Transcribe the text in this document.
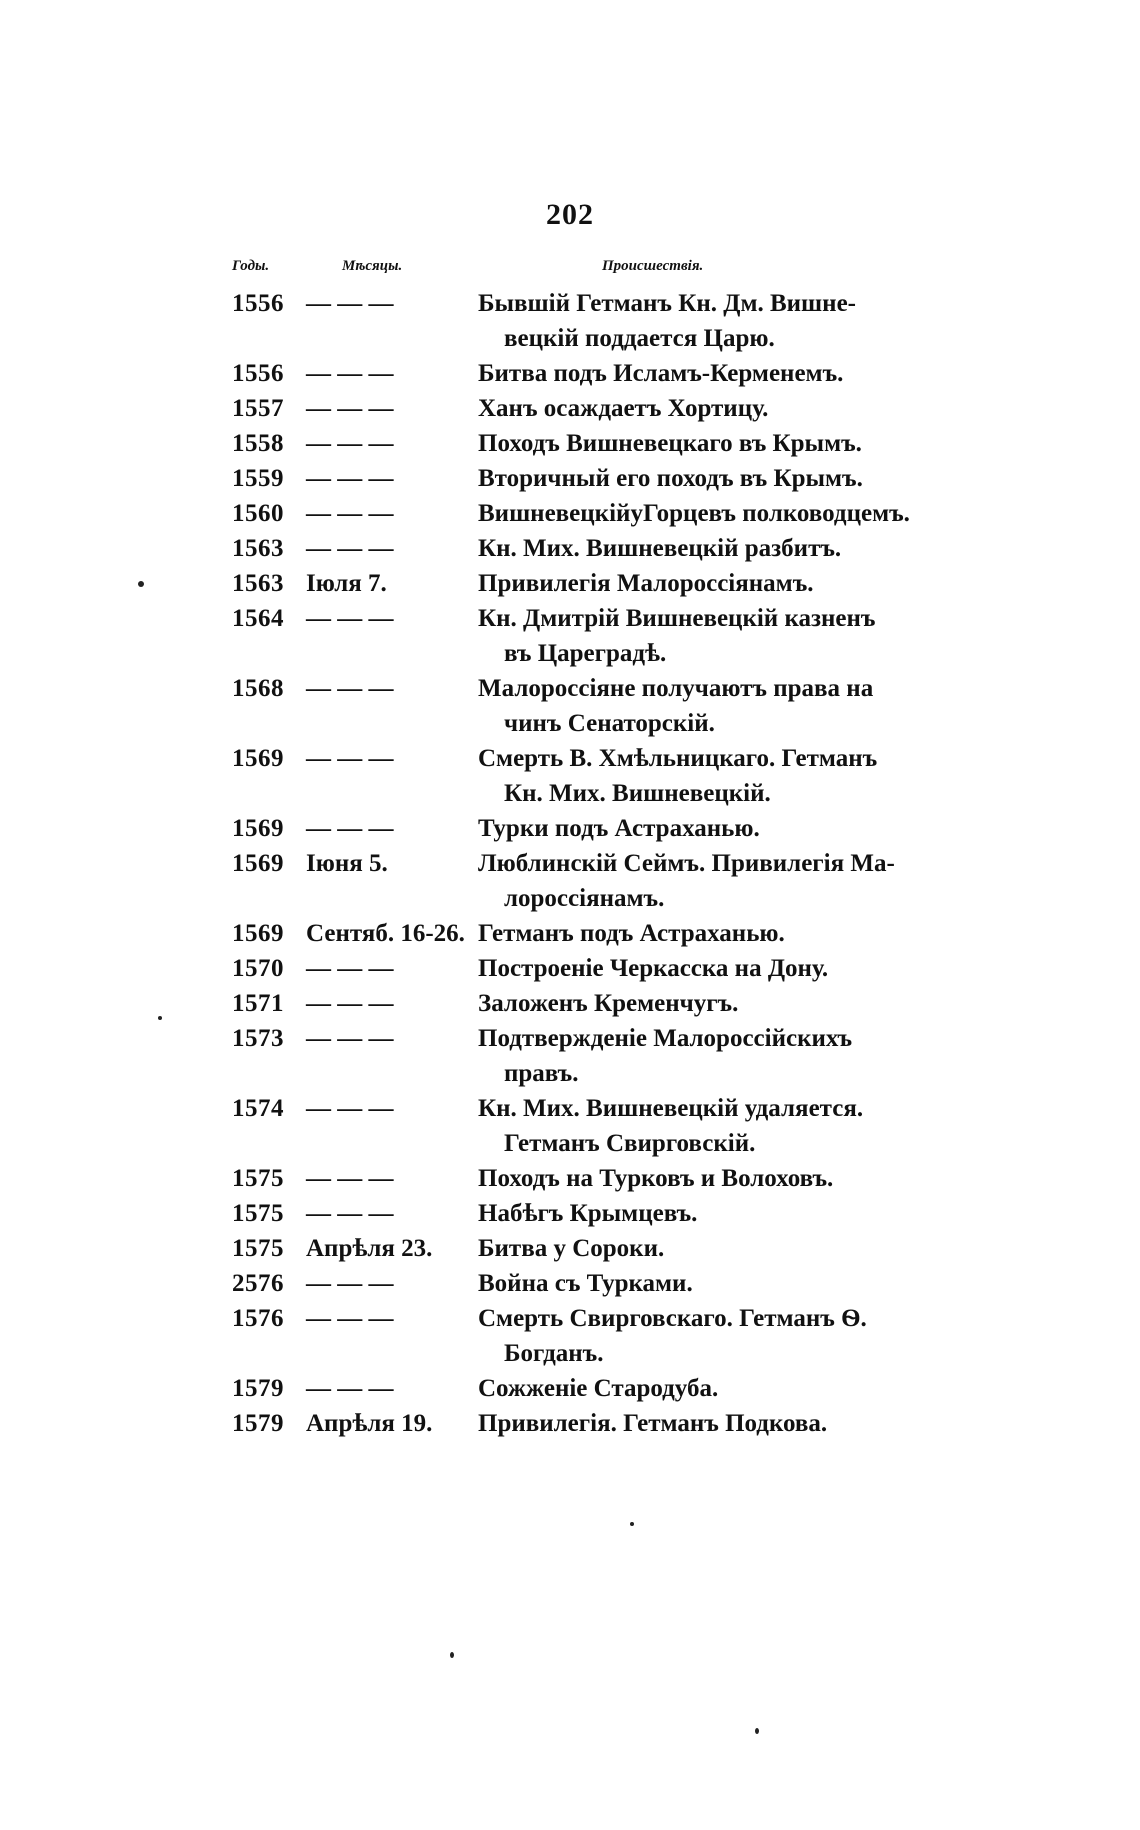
202
Годы.	Мѣсяцы.	Происшествія.
1556 — — —	Бывшій Гетманъ Кн. Дм. Вишне-
вецкій поддается Царю.
1556 — — —	Битва подъ Исламъ-Керменемъ.
1557 — — —	Ханъ осаждаетъ Хортицу.
1558 — — —	Походъ Вишневецкаго въ Крымъ.
1559 — — —	Вторичный его походъ въ Крымъ.
1560 — — —	ВишневецкійуГорцевъ полководцемъ.
1563 — — —	Кн. Мих. Вишневецкій разбитъ.
1563 Іюля 7.	Привилегія Малороссіянамъ.
1564 — — —	Кн. Дмитрій Вишневецкій казненъ
въ Цареградѣ.
1568 — — —	Малороссіяне получаютъ права на
чинъ Сенаторскій.
1569 — — —	Смерть В. Хмѣльницкаго. Гетманъ
Кн. Мих. Вишневецкій.
1569 — — —	Турки подъ Астраханью.
1569 Іюня 5.	Люблинскій Сеймъ. Привилегія Ма-
лороссіянамъ.
1569 Сентяб. 16-26. Гетманъ подъ Астраханью.
1570 — — —	Построеніе Черкасска на Дону.
1571 — — —	Заложенъ Кременчугъ.
1573 — — —	Подтвержденіе Малороссійскихъ
правъ.
1574 — — —	Кн. Мих. Вишневецкій удаляется.
Гетманъ Свирговскій.
1575 — — —	Походъ на Турковъ и Волоховъ.
1575 — — —	Набѣгъ Крымцевъ.
1575 Апрѣля 23.	Битва у Сороки.
2576 — — —	Война съ Турками.
1576 — — —	Смерть Свирговскаго. Гетманъ Ѳ.
Богданъ.
1579 — — —	Сожженіе Стародуба.
1579 Апрѣля 19.	Привилегія. Гетманъ Подкова.
